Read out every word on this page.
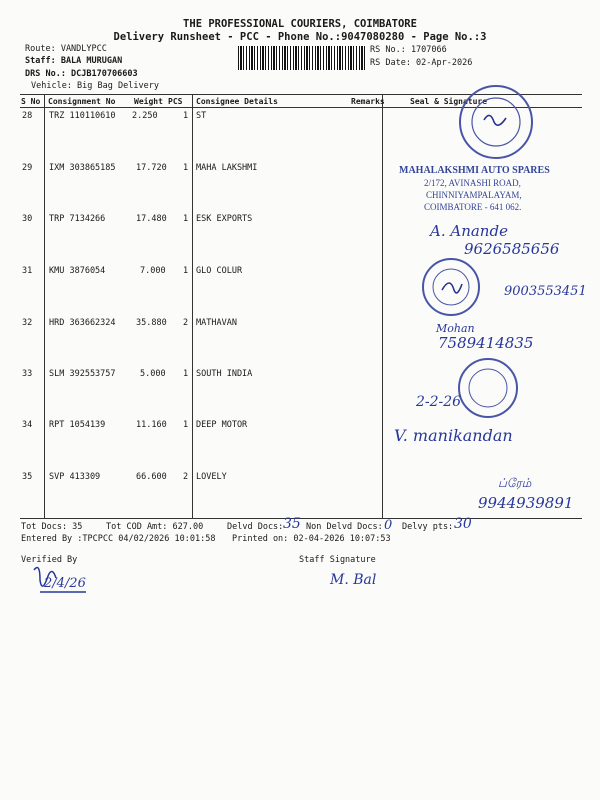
THE PROFESSIONAL COURIERS, COIMBATORE
Delivery Runsheet - PCC - Phone No.:9047080280 - Page No.:3
Route: VANDLYPCC
Staff: BALA MURUGAN
DRS No.: DCJB170706603
Vehicle: Big Bag Delivery
RS No.: 1707066
RS Date: 02-Apr-2026
S No Consignment No Weight PCS Consignee Details	Remarks	Seal & Signature
28 TRZ 110110610 2.250	1 ST
29 IXM 303865185 17.720 1 MAHA LAKSHMI
30 TRP 7134266	17.480 1 ESK EXPORTS
31 KMU 3876054	7.000 1 GLO COLUR
32 HRD 363662324 35.880 2 MATHAVAN
33 SLM 392553757	5.000 1 SOUTH INDIA
34 RPT 1054139	11.160 1 DEEP MOTOR
35 SVP 413309	66.600 2 LOVELY
MAHALAKSHMI AUTO SPARES
2/172, AVINASHI ROAD,
CHINNIYAMPALAYAM,
COIMBATORE - 641 062.
A. Anande
9626585656
9003553451
Mohan
7589414835
2-2-26
V. manikandan
ப்ரேம்
9944939891
Tot Docs: 35	Tot COD Amt: 627.00	Delvd Docs: 35 Non Delvd Docs: 0 Delvy pts: 30
Entered By :TPCPCC 04/02/2026 10:01:58 Printed on: 02-04-2026 10:07:53
Verified By
2/4/26
Staff Signature
M. Bal
